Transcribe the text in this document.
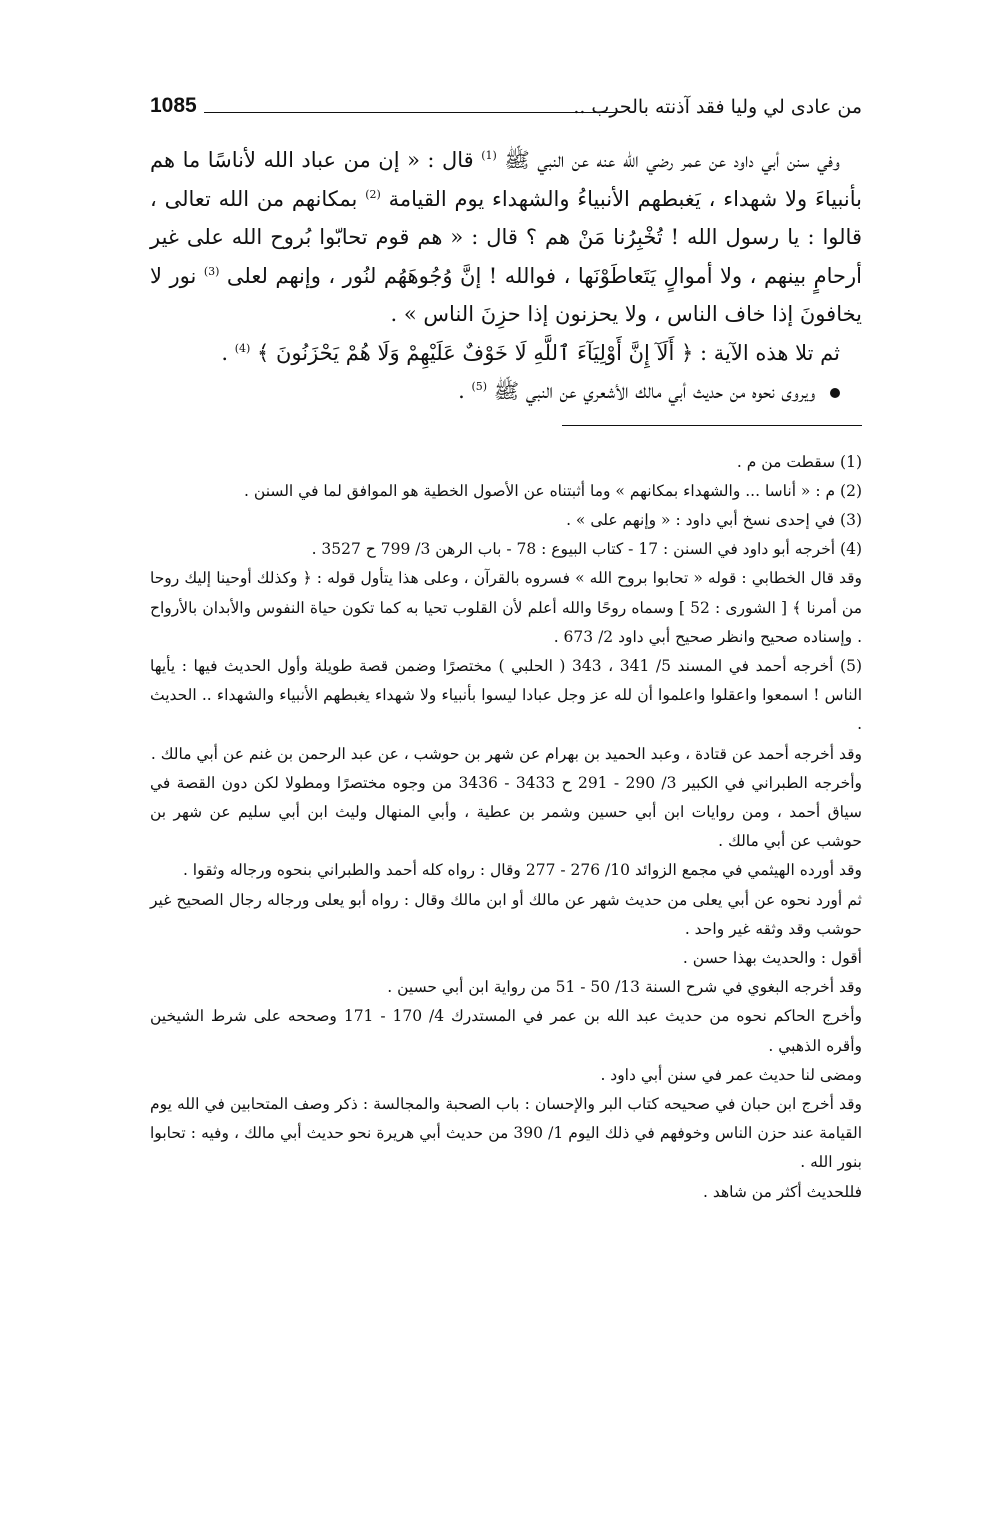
من عادى لي وليا فقد آذنته بالحرب ..
1085

وفي سنن أبي داود عن عمر رضي الله عنه عن النبي ﷺ $^{(1)}$ قال : « إن من عباد الله لأناسًا ما هم بأنبياءَ ولا شهداء ، يَغبطهم الأنبياءُ والشهداء يوم القيامة $^{(2)}$ بمكانهم من الله تعالى ، قالوا : يا رسول الله ! تُخْبِرُنا مَنْ هم ؟ قال : « هم قوم تحابّوا بُروح الله على غير أرحامٍ بينهم ، ولا أموالٍ يَتَعاطَوْنَها ، فوالله ! إنَّ وُجُوهَهُم لنُور ، وإنهم لعلى $^{(3)}$ نور لا يخافونَ إذا خاف الناس ، ولا يحزنون إذا حزِنَ الناس » .

ثم تلا هذه الآية : ﴿ أَلَآ إِنَّ أَوْلِيَآءَ ٱللَّهِ لَا خَوْفٌ عَلَيْهِمْ وَلَا هُمْ يَحْزَنُونَ ﴾ $^{(4)}$ .

ويروى نحوه من حديث أبي مالك الأشعري عن النبي ﷺ $^{(5)}$ .

(1) سقطت من م .

(2) م : « أناسا ... والشهداء بمكانهم » وما أثبتناه عن الأصول الخطية هو الموافق لما في السنن .

(3) في إحدى نسخ أبي داود : « وإنهم على » .

(4) أخرجه أبو داود في السنن : 17 - كتاب البيوع : 78 - باب الرهن 3/ 799 ح 3527 .

وقد قال الخطابي : قوله « تحابوا بروح الله » فسروه بالقرآن ، وعلى هذا يتأول قوله : ﴿ وكذلك أوحينا إليك روحا من أمرنا ﴾ [ الشورى : 52 ] وسماه روحًا والله أعلم لأن القلوب تحيا به كما تكون حياة النفوس والأبدان بالأرواح . وإسناده صحيح وانظر صحيح أبي داود 2/ 673 .

(5) أخرجه أحمد في المسند 5/ 341 ، 343 ( الحلبي ) مختصرًا وضمن قصة طويلة وأول الحديث فيها : يأيها الناس ! اسمعوا واعقلوا واعلموا أن لله عز وجل عبادا ليسوا بأنبياء ولا شهداء يغبطهم الأنبياء والشهداء .. الحديث .

وقد أخرجه أحمد عن قتادة ، وعبد الحميد بن بهرام عن شهر بن حوشب ، عن عبد الرحمن بن غنم عن أبي مالك .

وأخرجه الطبراني في الكبير 3/ 290 - 291 ح 3433 - 3436 من وجوه مختصرًا ومطولا لكن دون القصة في سياق أحمد ، ومن روايات ابن أبي حسين وشمر بن عطية ، وأبي المنهال وليث ابن أبي سليم عن شهر بن حوشب عن أبي مالك .

وقد أورده الهيثمي في مجمع الزوائد 10/ 276 - 277 وقال : رواه كله أحمد والطبراني بنحوه ورجاله وثقوا .

ثم أورد نحوه عن أبي يعلى من حديث شهر عن مالك أو ابن مالك وقال : رواه أبو يعلى ورجاله رجال الصحيح غير حوشب وقد وثقه غير واحد .

أقول : والحديث بهذا حسن .

وقد أخرجه البغوي في شرح السنة 13/ 50 - 51 من رواية ابن أبي حسين .

وأخرج الحاكم نحوه من حديث عبد الله بن عمر في المستدرك 4/ 170 - 171 وصححه على شرط الشيخين وأقره الذهبي .

ومضى لنا حديث عمر في سنن أبي داود .

وقد أخرج ابن حبان في صحيحه كتاب البر والإحسان : باب الصحبة والمجالسة : ذكر وصف المتحابين في الله يوم القيامة عند حزن الناس وخوفهم في ذلك اليوم 1/ 390 من حديث أبي هريرة نحو حديث أبي مالك ، وفيه : تحابوا بنور الله .

فللحديث أكثر من شاهد .
